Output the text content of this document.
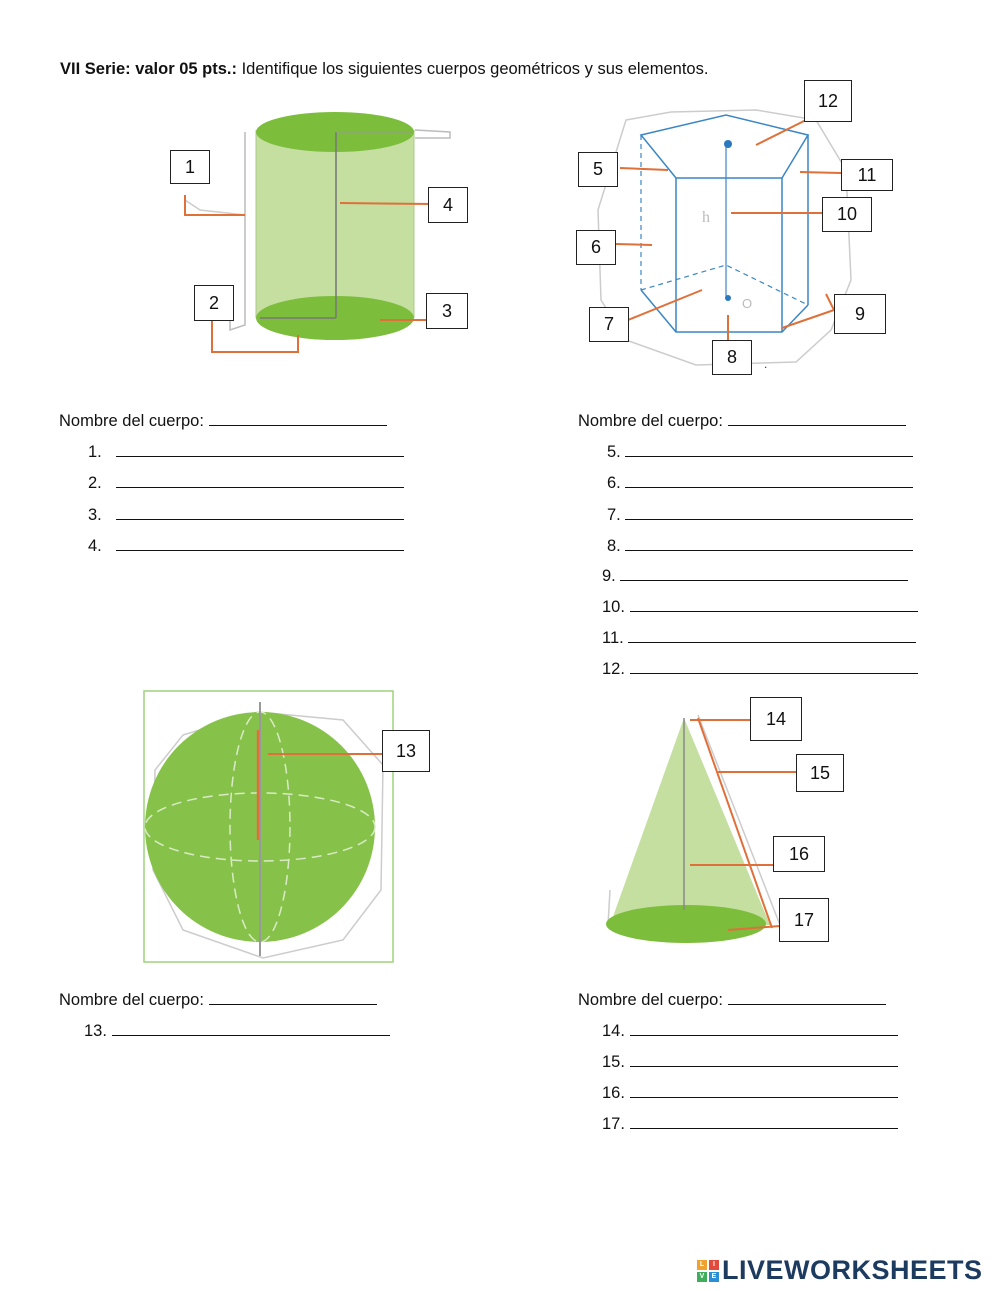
VII Serie: valor 05 pts.: Identifique los siguientes cuerpos geométricos y sus elementos.
1
2	3
4
h
O
.
5
6
7
8
9
10
11
12
Nombre del cuerpo:
1.
2.
3.
4.
Nombre del cuerpo:
5.
6.
7.
8.
9.
10.
11.
12.
13
14
15
16
17
Nombre del cuerpo:
13.
Nombre del cuerpo:
14.
15.
16.
17.
L	I
V	E LIVEWORKSHEETS
